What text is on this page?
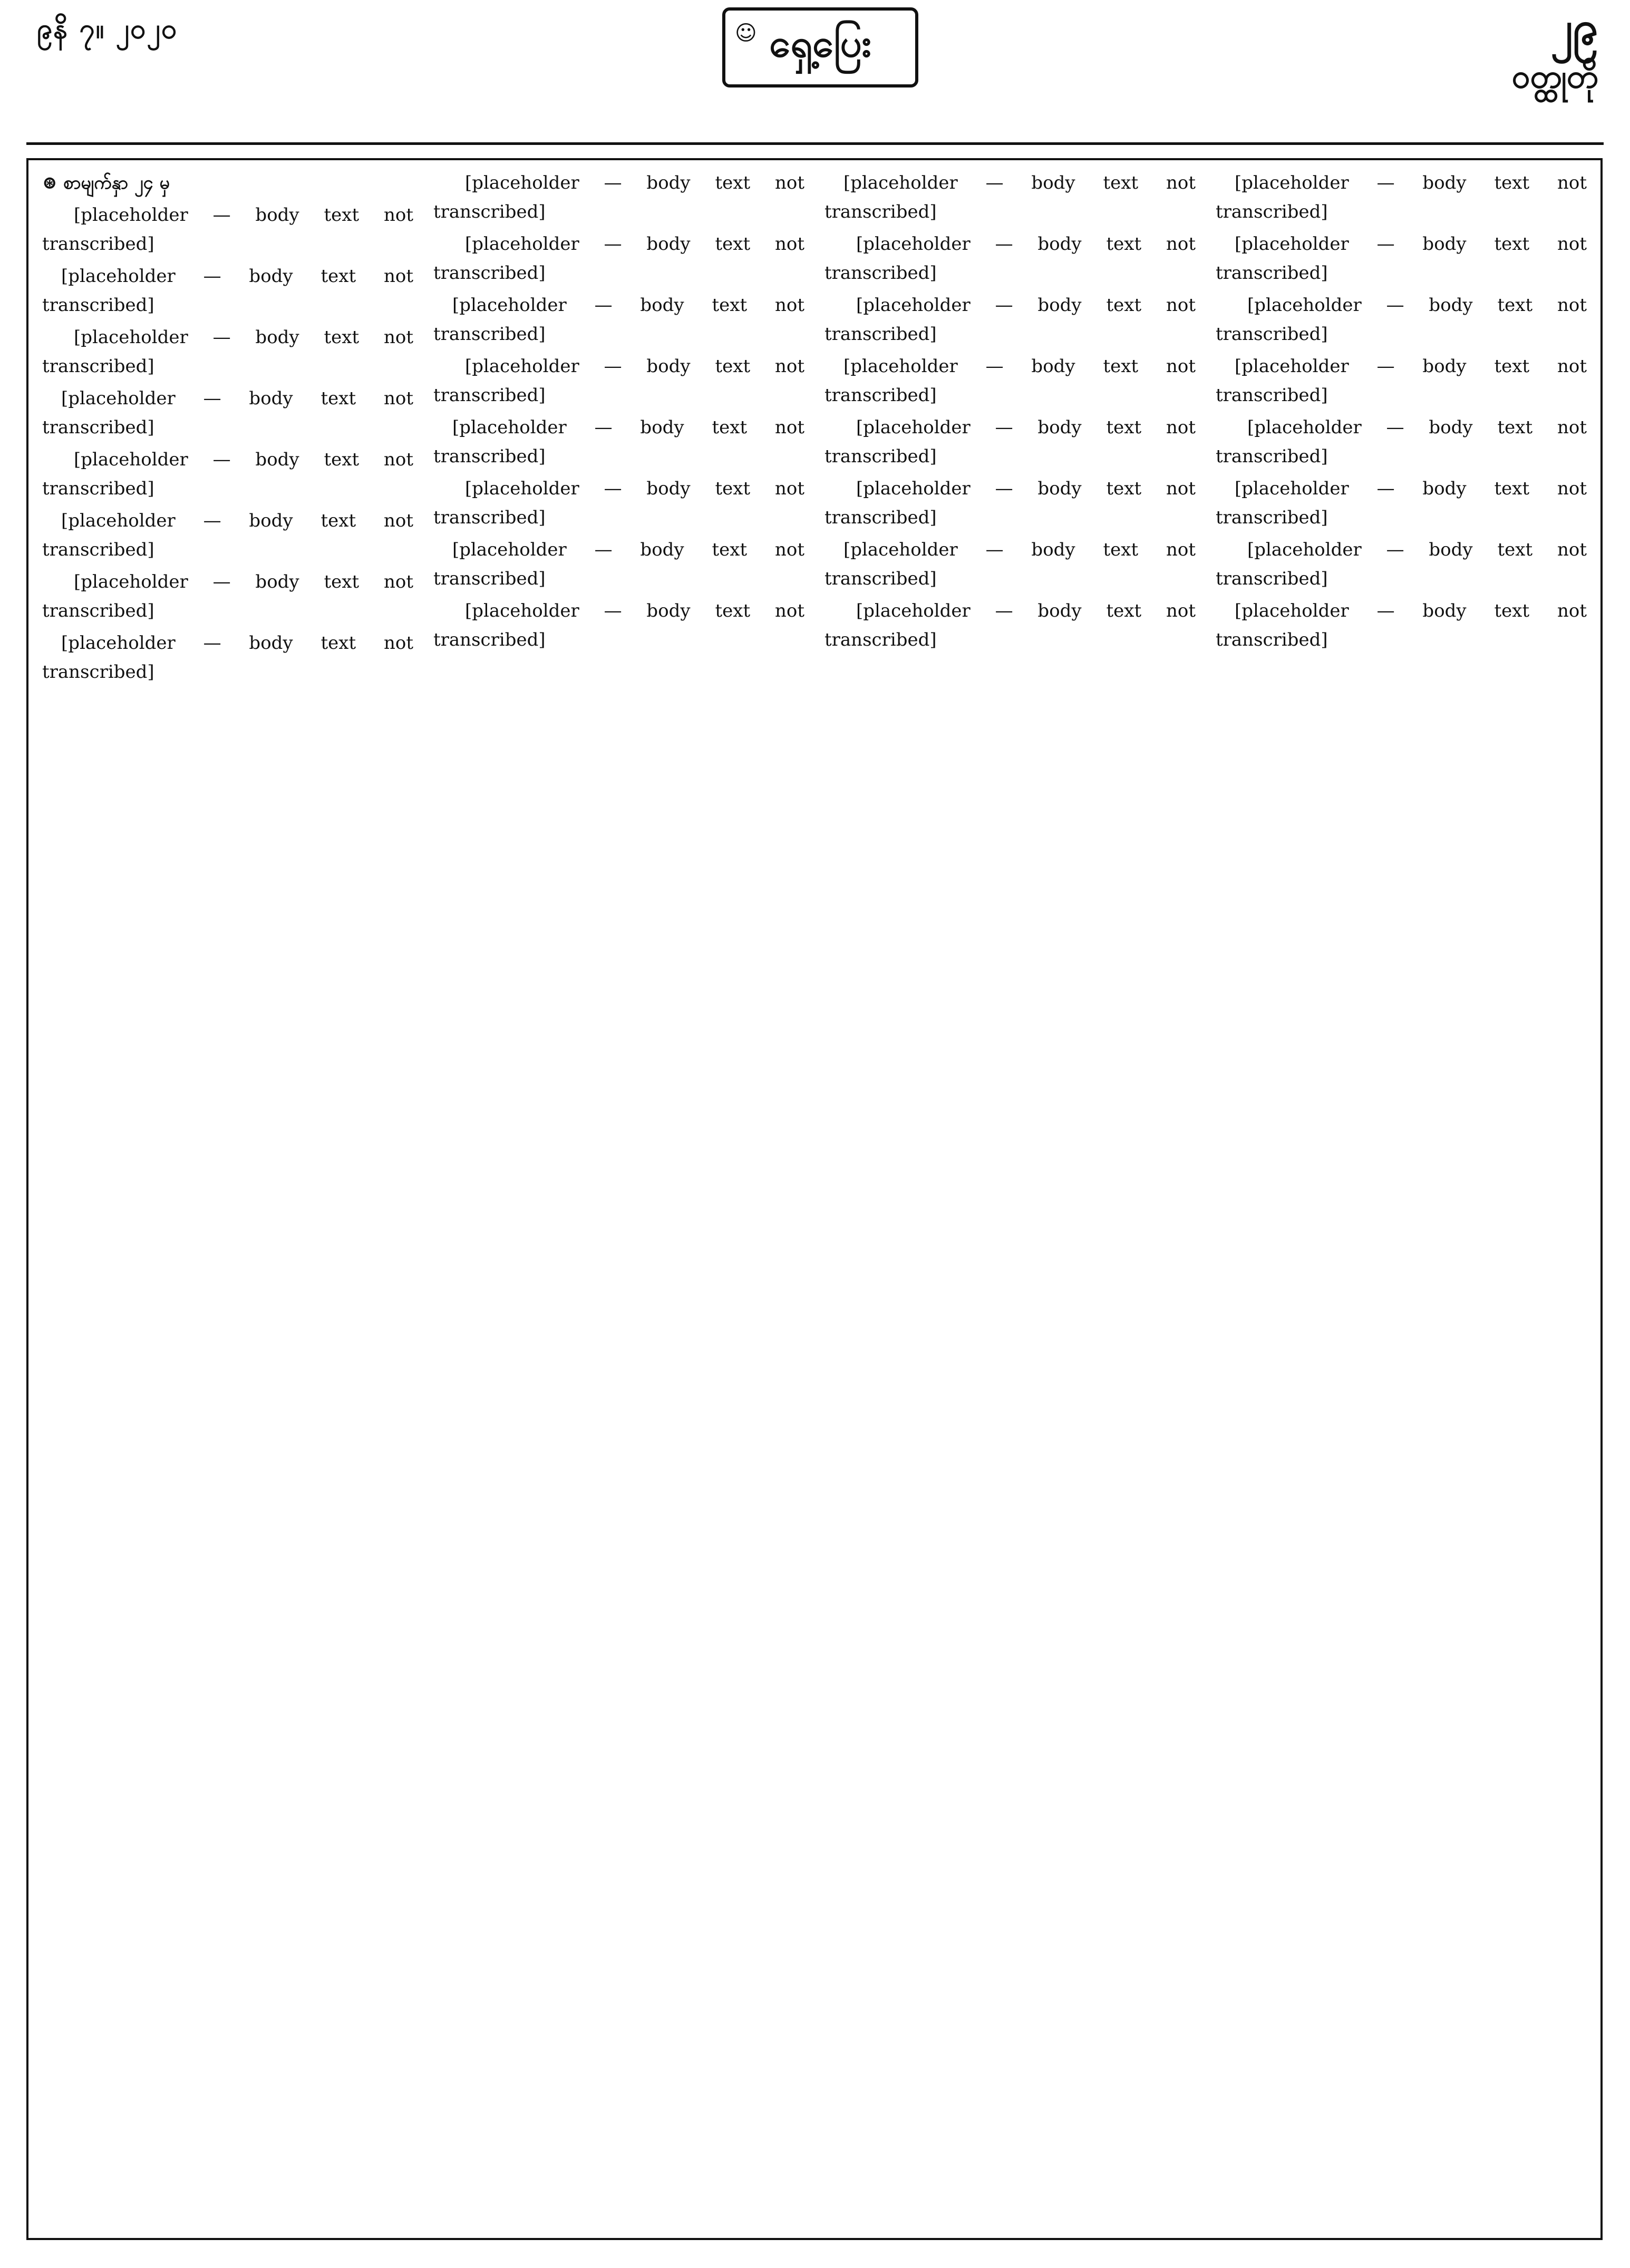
၉နိ ၇။ ၂၀၂၀	☺ ရှေ့ပြေး	၂၉
ဝတ္ထုတို

⊛ စာမျက်နှာ ၂၄ မှ

[placeholder — body text not transcribed]

[placeholder — body text not transcribed]

[placeholder — body text not transcribed]

[placeholder — body text not transcribed]

[placeholder — body text not transcribed]

[placeholder — body text not transcribed]

[placeholder — body text not transcribed]

[placeholder — body text not transcribed]

[placeholder — body text not transcribed]

[placeholder — body text not transcribed]

[placeholder — body text not transcribed]

[placeholder — body text not transcribed]

[placeholder — body text not transcribed]

[placeholder — body text not transcribed]

[placeholder — body text not transcribed]

[placeholder — body text not transcribed]

[placeholder — body text not transcribed]

[placeholder — body text not transcribed]

[placeholder — body text not transcribed]

[placeholder — body text not transcribed]

[placeholder — body text not transcribed]

[placeholder — body text not transcribed]

[placeholder — body text not transcribed]

[placeholder — body text not transcribed]

[placeholder — body text not transcribed]

[placeholder — body text not transcribed]

[placeholder — body text not transcribed]

[placeholder — body text not transcribed]

[placeholder — body text not transcribed]

[placeholder — body text not transcribed]

[placeholder — body text not transcribed]

[placeholder — body text not transcribed]
